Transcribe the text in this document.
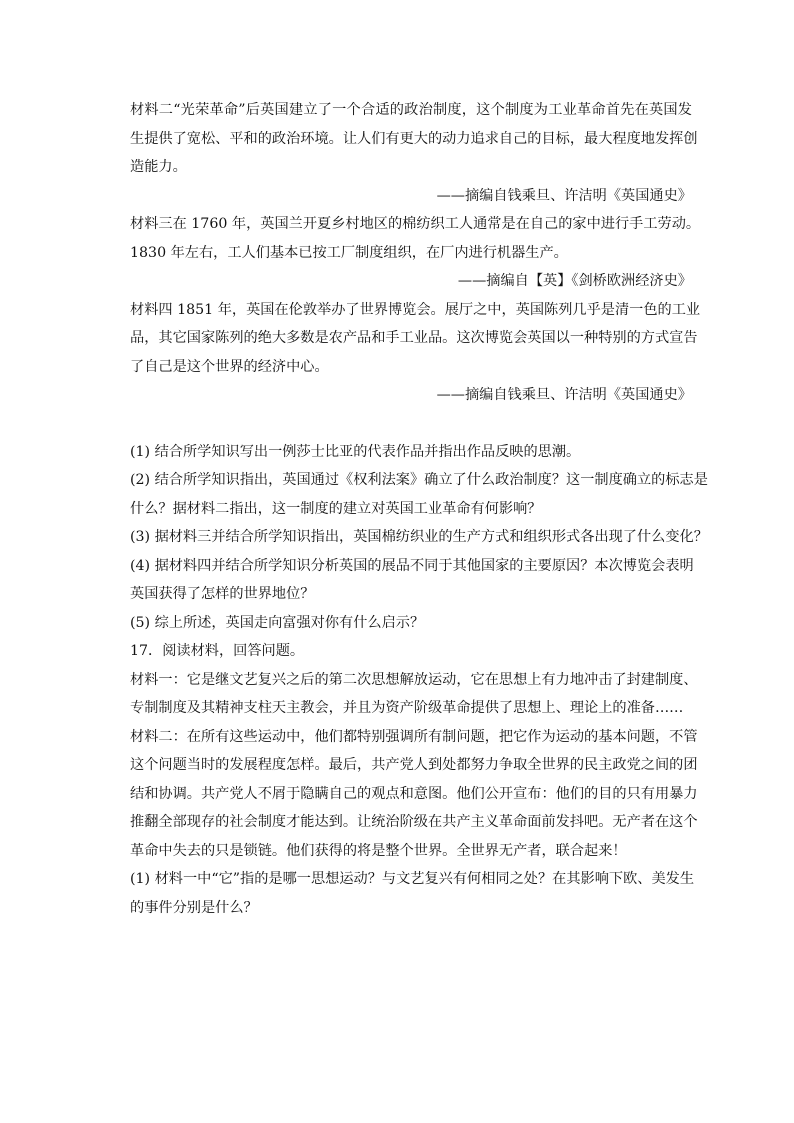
材料二“光荣革命”后英国建立了一个合适的政治制度，这个制度为工业革命首先在英国发
生提供了宽松、平和的政治环境。让人们有更大的动力追求自己的目标，最大程度地发挥创
造能力。
——摘编自钱乘旦、许洁明《英国通史》
材料三在 1760 年，英国兰开夏乡村地区的棉纺织工人通常是在自己的家中进行手工劳动。
1830 年左右，工人们基本已按工厂制度组织，在厂内进行机器生产。
——摘编自【英】《剑桥欧洲经济史》
材料四 1851 年，英国在伦敦举办了世界博览会。展厅之中，英国陈列几乎是清一色的工业
品，其它国家陈列的绝大多数是农产品和手工业品。这次博览会英国以一种特别的方式宣告
了自己是这个世界的经济中心。
——摘编自钱乘旦、许洁明《英国通史》
(1) 结合所学知识写出一例莎士比亚的代表作品并指出作品反映的思潮。
(2) 结合所学知识指出，英国通过《权利法案》确立了什么政治制度？这一制度确立的标志是
什么？据材料二指出，这一制度的建立对英国工业革命有何影响？
(3) 据材料三并结合所学知识指出，英国棉纺织业的生产方式和组织形式各出现了什么变化？
(4) 据材料四并结合所学知识分析英国的展品不同于其他国家的主要原因？本次博览会表明
英国获得了怎样的世界地位？
(5) 综上所述，英国走向富强对你有什么启示？
17．阅读材料，回答问题。
材料一：它是继文艺复兴之后的第二次思想解放运动，它在思想上有力地冲击了封建制度、
专制制度及其精神支柱天主教会，并且为资产阶级革命提供了思想上、理论上的准备……
材料二：在所有这些运动中，他们都特别强调所有制问题，把它作为运动的基本问题，不管
这个问题当时的发展程度怎样。最后，共产党人到处都努力争取全世界的民主政党之间的团
结和协调。共产党人不屑于隐瞒自己的观点和意图。他们公开宣布：他们的目的只有用暴力
推翻全部现存的社会制度才能达到。让统治阶级在共产主义革命面前发抖吧。无产者在这个
革命中失去的只是锁链。他们获得的将是整个世界。全世界无产者，联合起来！
(1) 材料一中“它”指的是哪一思想运动？与文艺复兴有何相同之处？在其影响下欧、美发生
的事件分别是什么？
